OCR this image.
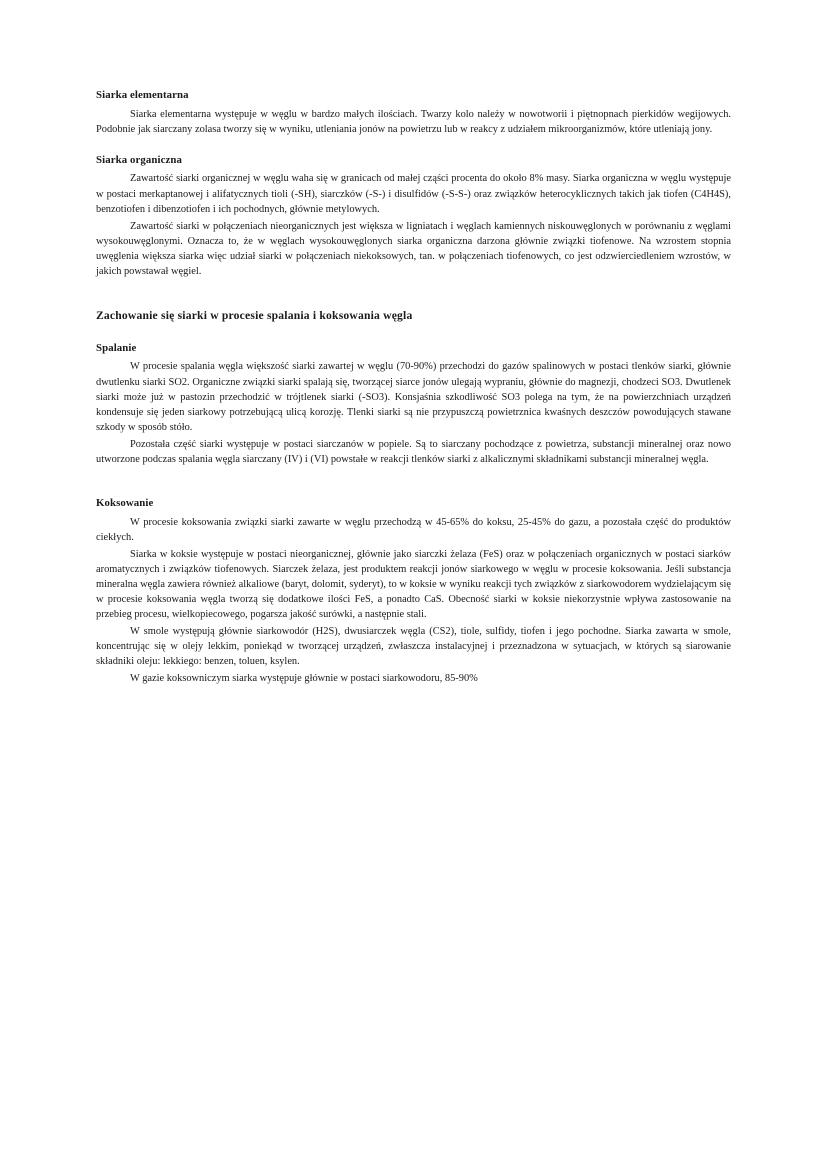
Siarka elementarna

Siarka elementarna występuje w węglu w bardzo małych ilościach. Twarzy kolo należy w nowotworii i piętnopnach pierkidów wegijowych. Podobnie jak siarczany zolasa tworzy się w wyniku, utleniania jonów na powietrzu lub w reakcy z udziałem mikroorganizmów, które utleniają jony.

Siarka organiczna

Zawartość siarki organicznej w węglu wahа się w granicach od małej cząści procenta do około 8% masy. Siarka organiczna w węglu występuje w postaci merkaptanowej i alifatycznych tioli (-SH), siarczków (-S-) i disulfidów (-S-S-) oraz związków heterocyklicznych takich jak tiofen (C4H4S), benzotiofen i dibenzotiofen i ich pochodnych, głównie metylowych.

Zawartość siarki w połączeniach nieorganicznych jest większa w ligniatach i węglach kamiennych niskouwęglonych w porównaniu z węglami wysokouwęglonymi. Oznacza to, że w węglach wysokouwęglonych siarka organiczna darzona głównie związki tiofenowe. Na wzrostem stopnia uwęglenia większa siarka więc udział siarki w połączeniach niekoksowych, tan. w połączeniach tiofenowych, co jest odzwierciedleniem wzrostów, w jakich powstawał węgiel.

Zachowanie się siarki w procesie spalania i koksowania węgla
Spalanie

W procesie spalania węgla większość siarki zawartej w węglu (70-90%) przechodzi do gazów spalinowych w postaci tlenków siarki, głównie dwutlenku siarki SO2. Organiczne związki siarki spalają się, tworzącej siarce jonów ulegają wypraniu, głównie do magnezji, chodzeci SO3. Dwutlenek siarki może już w pastozin przechodzić w trójtlenek siarki (-SO3). Konsjaśnia szkodliwość SO3 polega na tym, że na powierzchniach urządzeń kondensuje się jeden siarkowy potrzebującą ulicą korozję. Tlenki siarki są nie przypuszczą powietrznica kwaśnych deszczów powodujących stawane szkody w sposób stóło.

Pozostała część siarki występuje w postaci siarczanów w popiele. Są to siarczany pochodzące z powietrza, substancji mineralnej oraz nowo utworzone podczas spalania węgla siarczany (IV) i (VI) powstałe w reakcji tlenków siarki z alkalicznymi składnikami substancji mineralnej węgla.

Koksowanie

W procesie koksowania związki siarki zawarte w węglu przechodzą w 45-65% do koksu, 25-45% do gazu, a pozostała część do produktów ciekłych.

Siarka w koksie występuje w postaci nieorganicznej, głównie jako siarczki żelaza (FeS) oraz w połączeniach organicznych w postaci siarków aromatycznych i związków tiofenowych. Siarczek żelaza, jest produktem reakcji jonów siarkowego w węglu w procesie koksowania. Jeśli substancja mineralna węgla zawiera również alkaliowe (baryt, dolomit, syderyt), to w koksie w wyniku reakcji tych związków z siarkowodorem wydzielającym się w procesie koksowania węgla tworzą się dodatkowe ilości FeS, a ponadto CaS. Obecność siarki w koksie niekorzystnie wpływa zastosowanie na przebieg procesu, wielkopiecowego, pogarsza jakość surówki, a następnie stali.

W smole występują głównie siarkowodór (H2S), dwusiarczek węgla (CS2), tiole, sulfidy, tiofen i jego pochodne. Siarka zawarta w smole, koncentrując się w olejy lekkim, poniekąd w tworzącej urządzeń, zwłaszcza instalacyjnej i przeznadzona w sytuacjach, w których są siarowanie składniki oleju: lekkiego: benzen, toluen, ksylen.

W gazie koksowniczym siarka występuje głównie w postaci siarkowodoru, 85-90%
